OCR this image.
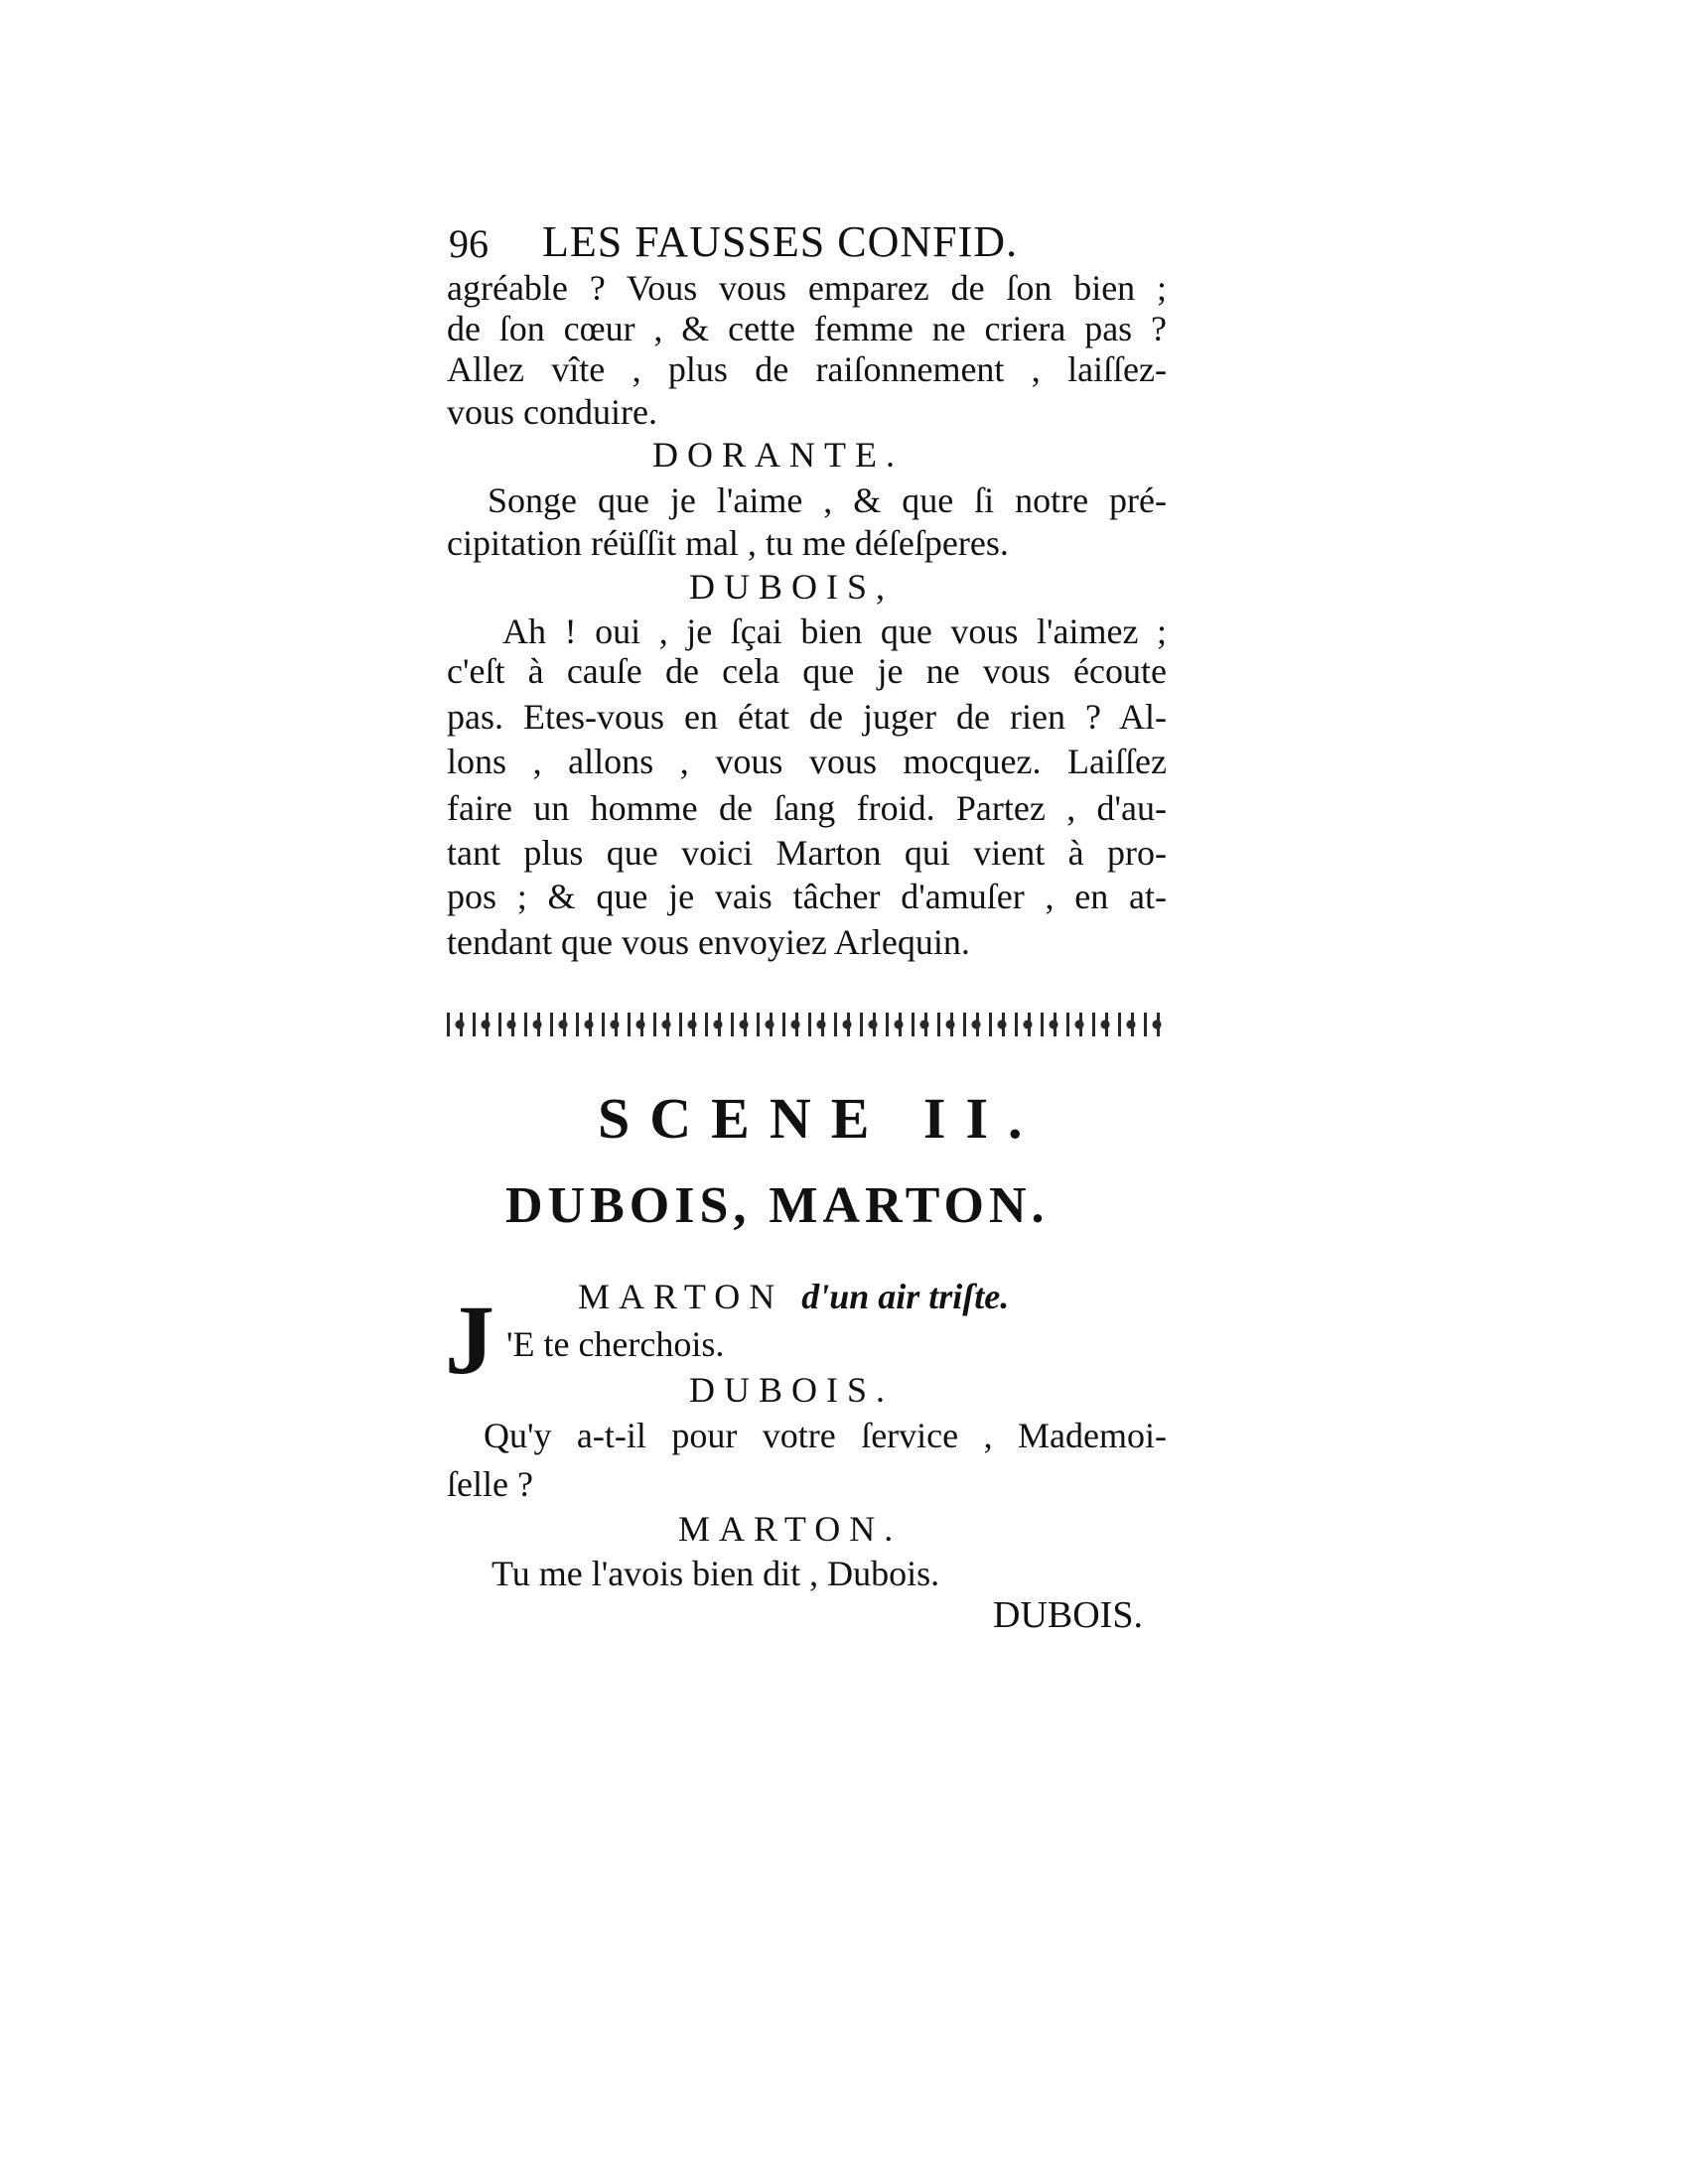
96 LES FAUSSES CONFID.
agréable ? Vous vous emparez de ſon bien ;
de ſon cœur , & cette femme ne criera pas ?
Allez vîte , plus de raiſonnement , laiſſez-
vous conduire.
DORANTE.
Songe que je l'aime , & que ſi notre pré-
cipitation réüſſit mal , tu me déſeſperes.
DUBOIS,
Ah ! oui , je ſçai bien que vous l'aimez ;
c'eſt à cauſe de cela que je ne vous écoute
pas. Etes-vous en état de juger de rien ? Al-
lons , allons , vous vous mocquez. Laiſſez
faire un homme de ſang froid. Partez , d'au-
tant plus que voici Marton qui vient à pro-
pos ; & que je vais tâcher d'amuſer , en at-
tendant que vous envoyiez Arlequin.
SCENE II.
DUBOIS, MARTON.
J MARTON d'un air triſte.
'E te cherchois.
DUBOIS.
Qu'y a-t-il pour votre ſervice , Mademoi-
ſelle ?
MARTON.
Tu me l'avois bien dit , Dubois.
DUBOIS.
